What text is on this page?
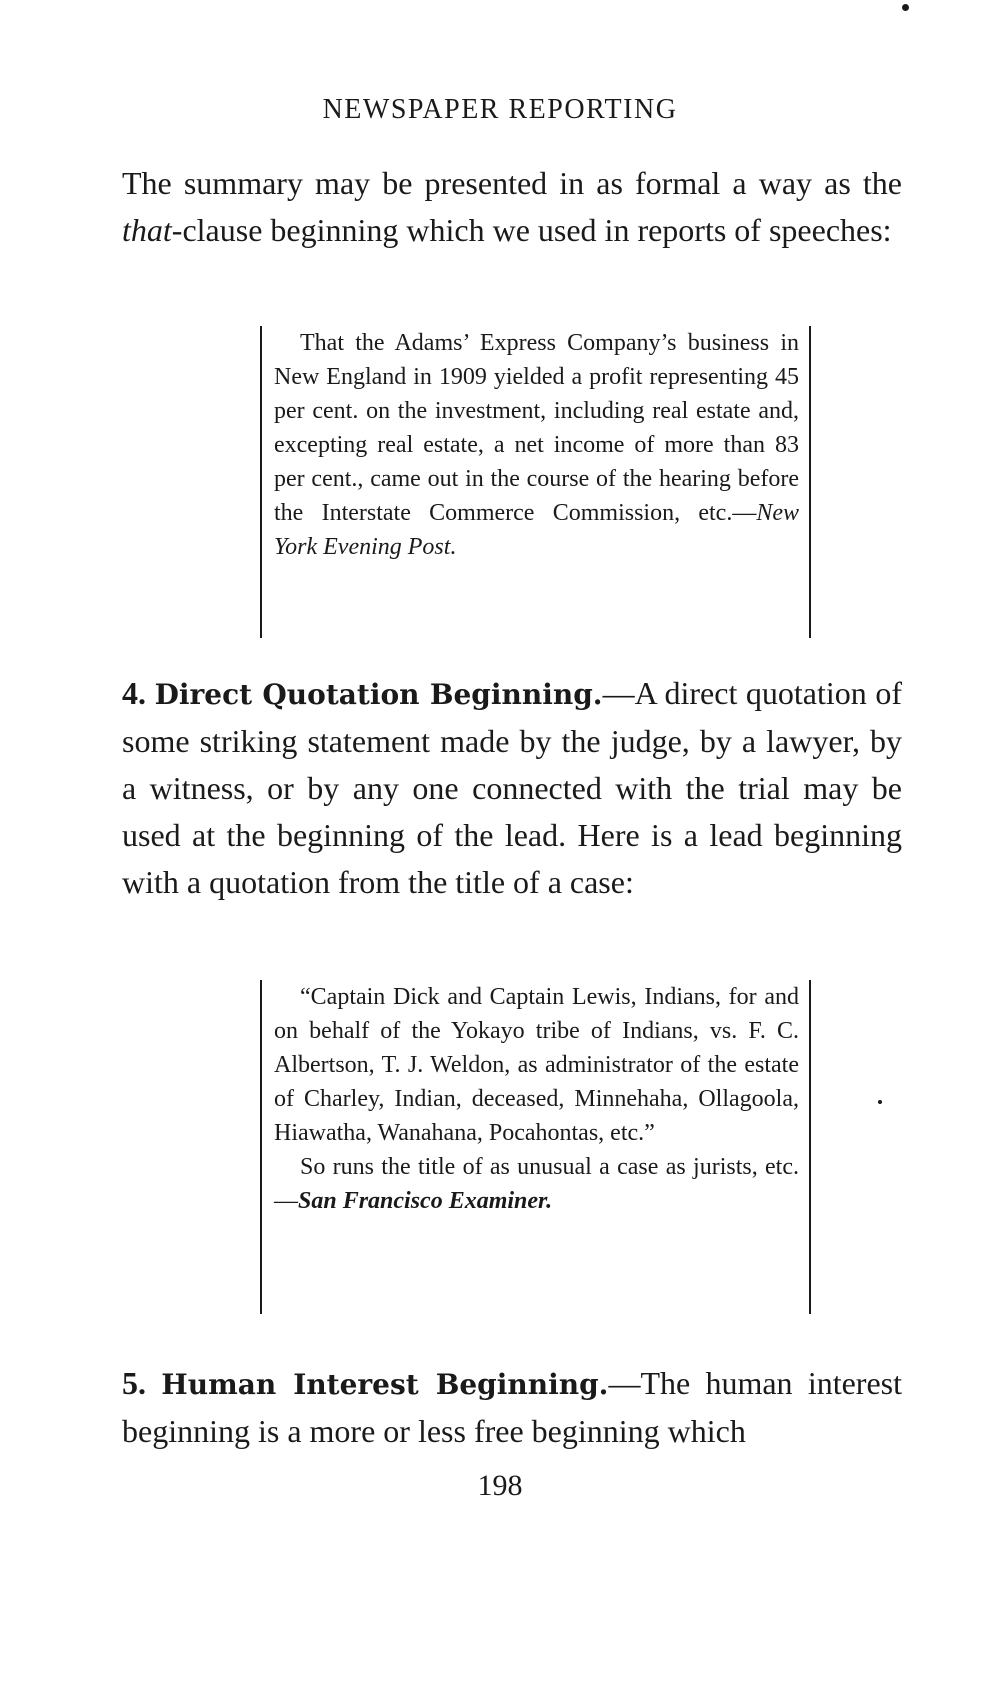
NEWSPAPER REPORTING
The summary may be presented in as formal a way as the that-clause beginning which we used in reports of speeches:
That the Adams’ Express Company’s business in New England in 1909 yielded a profit representing 45 per cent. on the investment, including real estate and, excepting real estate, a net income of more than 83 per cent., came out in the course of the hearing before the Interstate Commerce Commission, etc.—New York Evening Post.
4. Direct Quotation Beginning.—A direct quotation of some striking statement made by the judge, by a lawyer, by a witness, or by any one connected with the trial may be used at the beginning of the lead. Here is a lead beginning with a quotation from the title of a case:
“Captain Dick and Captain Lewis, Indians, for and on behalf of the Yokayo tribe of Indians, vs. F. C. Albertson, T. J. Weldon, as administrator of the estate of Charley, Indian, deceased, Minnehaha, Ollagoola, Hiawatha, Wanahana, Pocahontas, etc.”
So runs the title of as unusual a case as jurists, etc.—San Francisco Examiner.
5. Human Interest Beginning.—The human interest beginning is a more or less free beginning which
198
